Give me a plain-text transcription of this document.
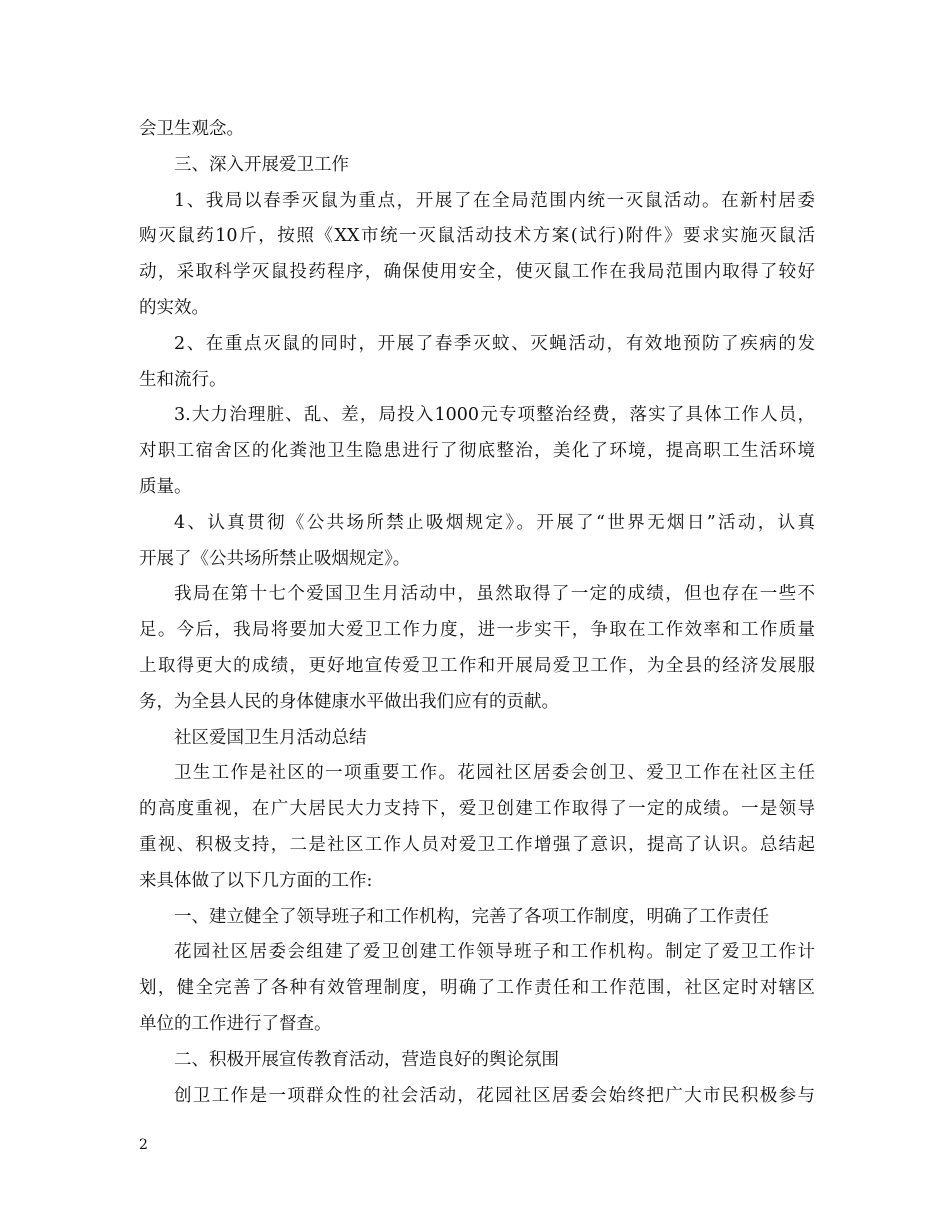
会卫生观念。
三、深入开展爱卫工作
1、我局以春季灭鼠为重点，开展了在全局范围内统一灭鼠活动。在新村居委
购灭鼠药10斤，按照《XX市统一灭鼠活动技术方案(试行)附件》要求实施灭鼠活
动，采取科学灭鼠投药程序，确保使用安全，使灭鼠工作在我局范围内取得了较好
的实效。
2、在重点灭鼠的同时，开展了春季灭蚊、灭蝇活动，有效地预防了疾病的发
生和流行。
3.大力治理脏、乱、差，局投入1000元专项整治经费，落实了具体工作人员，
对职工宿舍区的化粪池卫生隐患进行了彻底整治，美化了环境，提高职工生活环境
质量。
4、认真贯彻《公共场所禁止吸烟规定》。开展了“世界无烟日”活动，认真
开展了《公共场所禁止吸烟规定》。
我局在第十七个爱国卫生月活动中，虽然取得了一定的成绩，但也存在一些不
足。今后，我局将要加大爱卫工作力度，进一步实干，争取在工作效率和工作质量
上取得更大的成绩，更好地宣传爱卫工作和开展局爱卫工作，为全县的经济发展服
务，为全县人民的身体健康水平做出我们应有的贡献。
社区爱国卫生月活动总结
卫生工作是社区的一项重要工作。花园社区居委会创卫、爱卫工作在社区主任
的高度重视，在广大居民大力支持下，爱卫创建工作取得了一定的成绩。一是领导
重视、积极支持，二是社区工作人员对爱卫工作增强了意识，提高了认识。总结起
来具体做了以下几方面的工作:
一、建立健全了领导班子和工作机构，完善了各项工作制度，明确了工作责任
花园社区居委会组建了爱卫创建工作领导班子和工作机构。制定了爱卫工作计
划，健全完善了各种有效管理制度，明确了工作责任和工作范围，社区定时对辖区
单位的工作进行了督查。
二、积极开展宣传教育活动，营造良好的舆论氛围
创卫工作是一项群众性的社会活动，花园社区居委会始终把广大市民积极参与
2
